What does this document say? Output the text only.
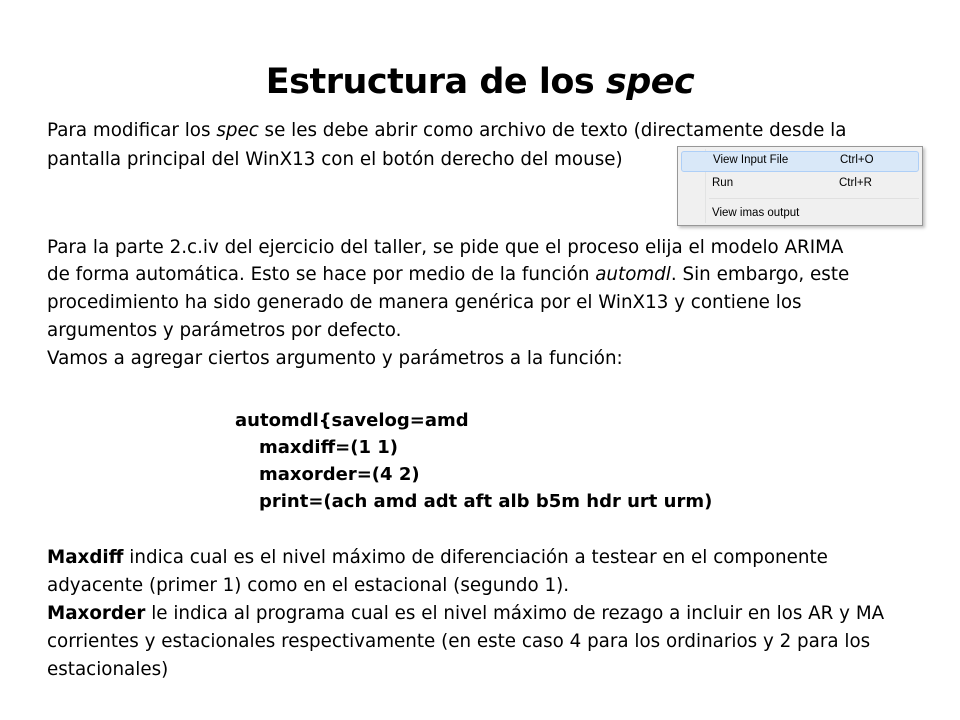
Estructura de los spec

Para modificar los spec se les debe abrir como archivo de texto (directamente desde la

pantalla principal del WinX13 con el botón derecho del mouse)	View Input File	Ctrl+O
Run	Ctrl+R
View imas output

Para la parte 2.c.iv del ejercicio del taller, se pide que el proceso elija el modelo ARIMA

de forma automática. Esto se hace por medio de la función automdl. Sin embargo, este

procedimiento ha sido generado de manera genérica por el WinX13 y contiene los

argumentos y parámetros por defecto.

Vamos a agregar ciertos argumento y parámetros a la función:

automdl{savelog=amd
maxdiff=(1 1)
maxorder=(4 2)
print=(ach amd adt aft alb b5m hdr urt urm)

Maxdiff indica cual es el nivel máximo de diferenciación a testear en el componente

adyacente (primer 1) como en el estacional (segundo 1).

Maxorder le indica al programa cual es el nivel máximo de rezago a incluir en los AR y MA

corrientes y estacionales respectivamente (en este caso 4 para los ordinarios y 2 para los

estacionales)
